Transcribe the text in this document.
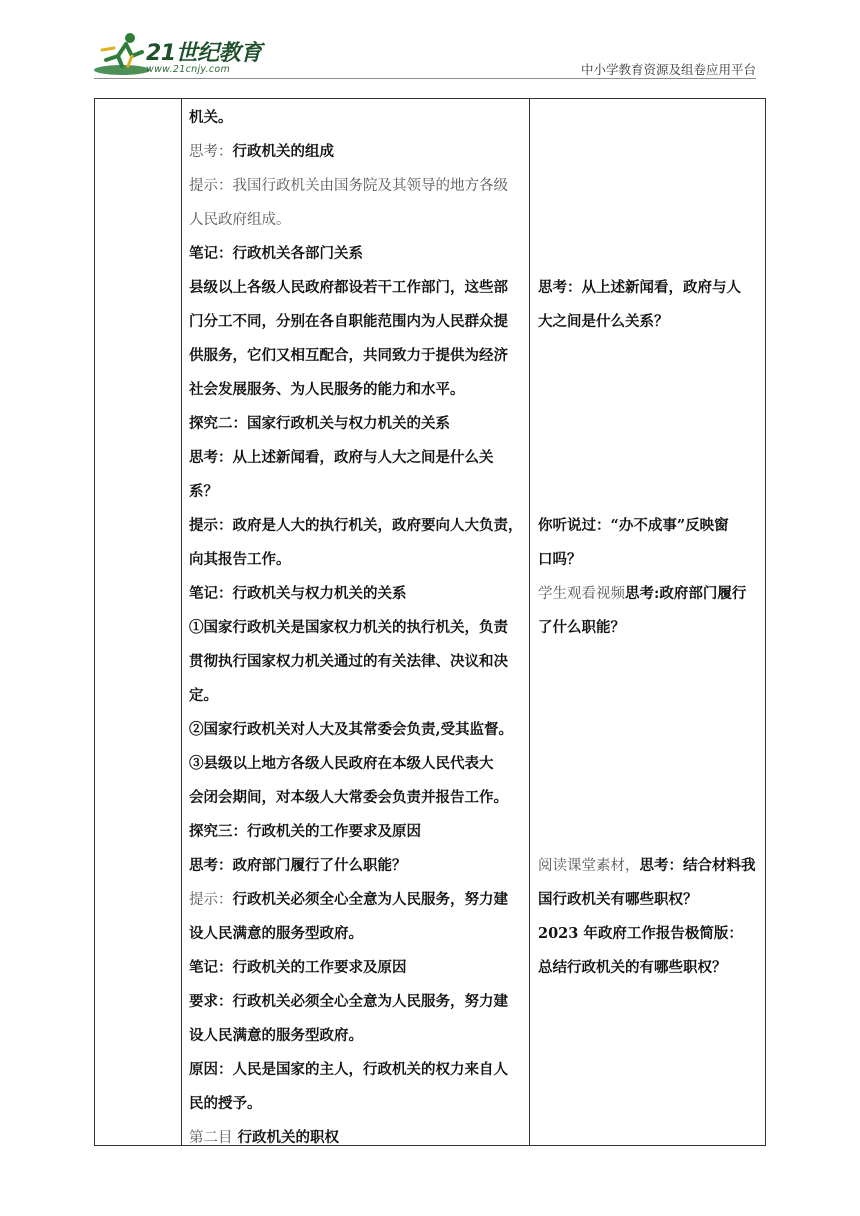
21世纪教育
www.21cnjy.com	中小学教育资源及组卷应用平台
机关。
思考：行政机关的组成
提示：我国行政机关由国务院及其领导的地方各级
人民政府组成。
笔记：行政机关各部门关系
县级以上各级人民政府都设若干工作部门，这些部
门分工不同，分别在各自职能范围内为人民群众提
供服务，它们又相互配合，共同致力于提供为经济
社会发展服务、为人民服务的能力和水平。
探究二：国家行政机关与权力机关的关系
思考：从上述新闻看，政府与人大之间是什么关
系？
提示：政府是人大的执行机关，政府要向人大负责，
向其报告工作。
笔记：行政机关与权力机关的关系
①国家行政机关是国家权力机关的执行机关，负责
贯彻执行国家权力机关通过的有关法律、决议和决
定。
②国家行政机关对人大及其常委会负责,受其监督。
③县级以上地方各级人民政府在本级人民代表大
会闭会期间，对本级人大常委会负责并报告工作。
探究三：行政机关的工作要求及原因
思考：政府部门履行了什么职能？
提示：行政机关必须全心全意为人民服务，努力建
设人民满意的服务型政府。
笔记：行政机关的工作要求及原因
要求：行政机关必须全心全意为人民服务，努力建
设人民满意的服务型政府。
原因：人民是国家的主人，行政机关的权力来自人
民的授予。
第二目 行政机关的职权
思考：从上述新闻看，政府与人
大之间是什么关系？
你听说过：“办不成事”反映窗
口吗？
学生观看视频思考:政府部门履行
了什么职能？
阅读课堂素材，思考：结合材料我
国行政机关有哪些职权？
2023 年政府工作报告极简版：
总结行政机关的有哪些职权？
